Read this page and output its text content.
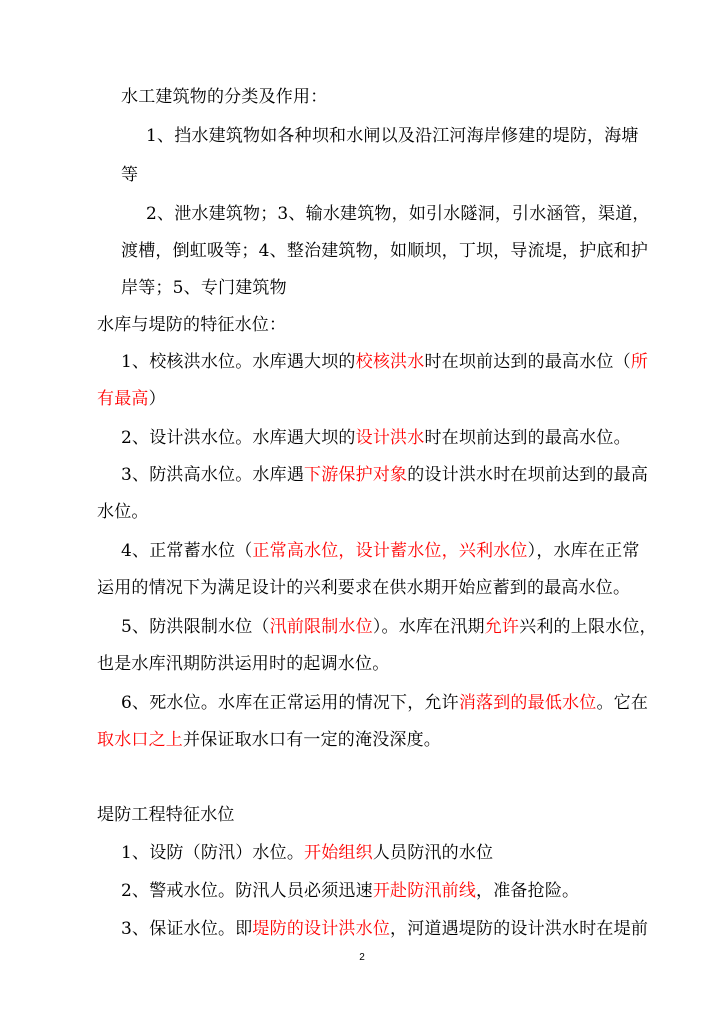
水工建筑物的分类及作用：
1、挡水建筑物如各种坝和水闸以及沿江河海岸修建的堤防，海塘
等
2、泄水建筑物；3、输水建筑物，如引水隧洞，引水涵管，渠道，
渡槽，倒虹吸等；4、整治建筑物，如顺坝，丁坝，导流堤，护底和护
岸等；5、专门建筑物
水库与堤防的特征水位：
1、校核洪水位。水库遇大坝的校核洪水时在坝前达到的最高水位（所
有最高）
2、设计洪水位。水库遇大坝的设计洪水时在坝前达到的最高水位。
3、防洪高水位。水库遇下游保护对象的设计洪水时在坝前达到的最高
水位。
4、正常蓄水位（正常高水位，设计蓄水位，兴利水位），水库在正常
运用的情况下为满足设计的兴利要求在供水期开始应蓄到的最高水位。
5、防洪限制水位（汛前限制水位）。水库在汛期允许兴利的上限水位，
也是水库汛期防洪运用时的起调水位。
6、死水位。水库在正常运用的情况下，允许消落到的最低水位。它在
取水口之上并保证取水口有一定的淹没深度。
堤防工程特征水位
1、设防（防汛）水位。开始组织人员防汛的水位
2、警戒水位。防汛人员必须迅速开赴防汛前线，准备抢险。
3、保证水位。即堤防的设计洪水位，河道遇堤防的设计洪水时在堤前
2
